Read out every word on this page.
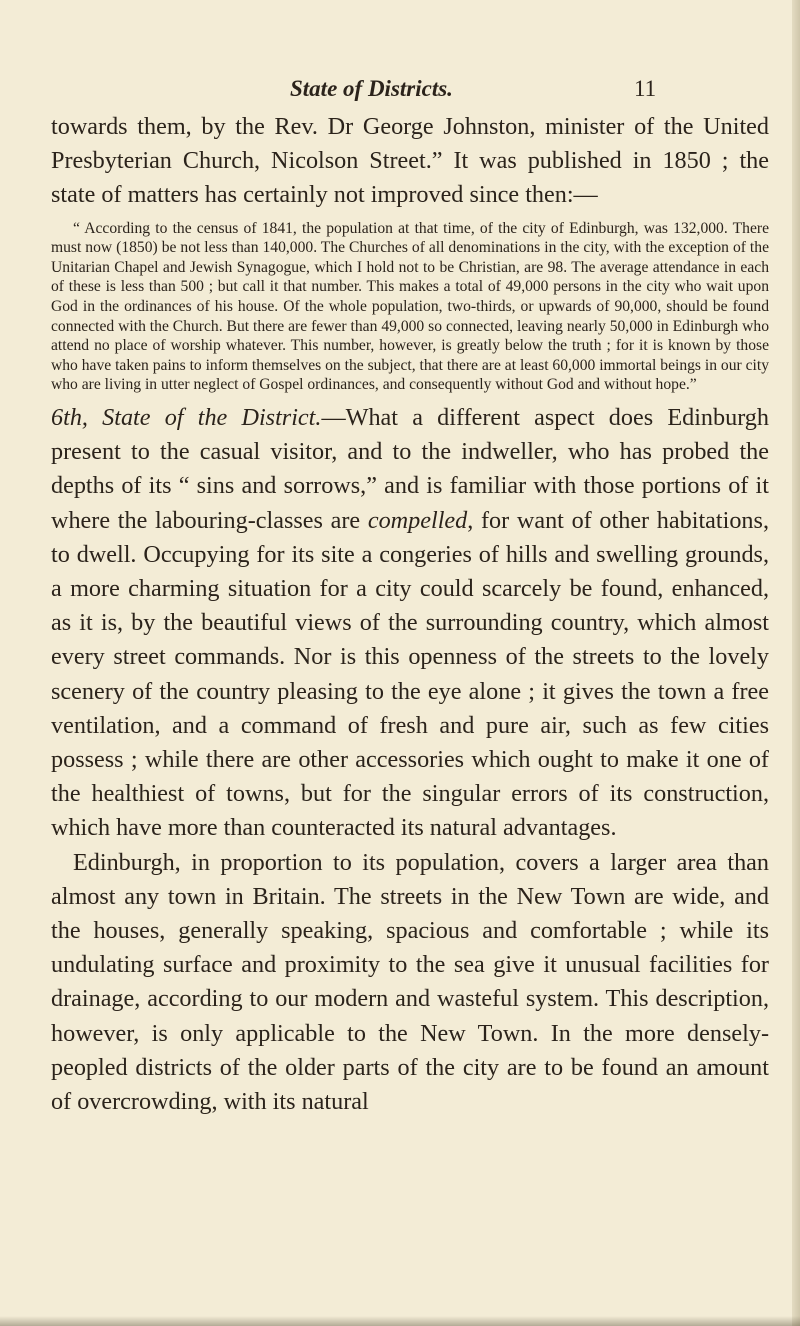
State of Districts.	11

towards them, by the Rev. Dr George Johnston, minister of the United Presbyterian Church, Nicolson Street.” It was published in 1850 ; the state of matters has certainly not improved since then:—

“ According to the census of 1841, the population at that time, of the city of Edinburgh, was 132,000. There must now (1850) be not less than 140,000. The Churches of all denominations in the city, with the exception of the Unitarian Chapel and Jewish Synagogue, which I hold not to be Christian, are 98. The average attendance in each of these is less than 500 ; but call it that number. This makes a total of 49,000 persons in the city who wait upon God in the ordinances of his house. Of the whole population, two-thirds, or upwards of 90,000, should be found connected with the Church. But there are fewer than 49,000 so connected, leaving nearly 50,000 in Edinburgh who attend no place of worship whatever. This number, however, is greatly below the truth ; for it is known by those who have taken pains to inform themselves on the subject, that there are at least 60,000 immortal beings in our city who are living in utter neglect of Gospel ordinances, and consequently without God and without hope.”

6th, State of the District.—What a different aspect does Edinburgh present to the casual visitor, and to the indweller, who has probed the depths of its “ sins and sorrows,” and is familiar with those portions of it where the labouring-classes are compelled, for want of other habitations, to dwell. Occupying for its site a congeries of hills and swelling grounds, a more charming situation for a city could scarcely be found, enhanced, as it is, by the beautiful views of the surrounding country, which almost every street commands. Nor is this openness of the streets to the lovely scenery of the country pleasing to the eye alone ; it gives the town a free ventilation, and a command of fresh and pure air, such as few cities possess ; while there are other accessories which ought to make it one of the healthiest of towns, but for the singular errors of its construction, which have more than counteracted its natural advantages.

Edinburgh, in proportion to its population, covers a larger area than almost any town in Britain. The streets in the New Town are wide, and the houses, generally speaking, spacious and comfortable ; while its undulating surface and proximity to the sea give it unusual facilities for drainage, according to our modern and wasteful system. This description, however, is only applicable to the New Town. In the more densely-peopled districts of the older parts of the city are to be found an amount of overcrowding, with its natural
